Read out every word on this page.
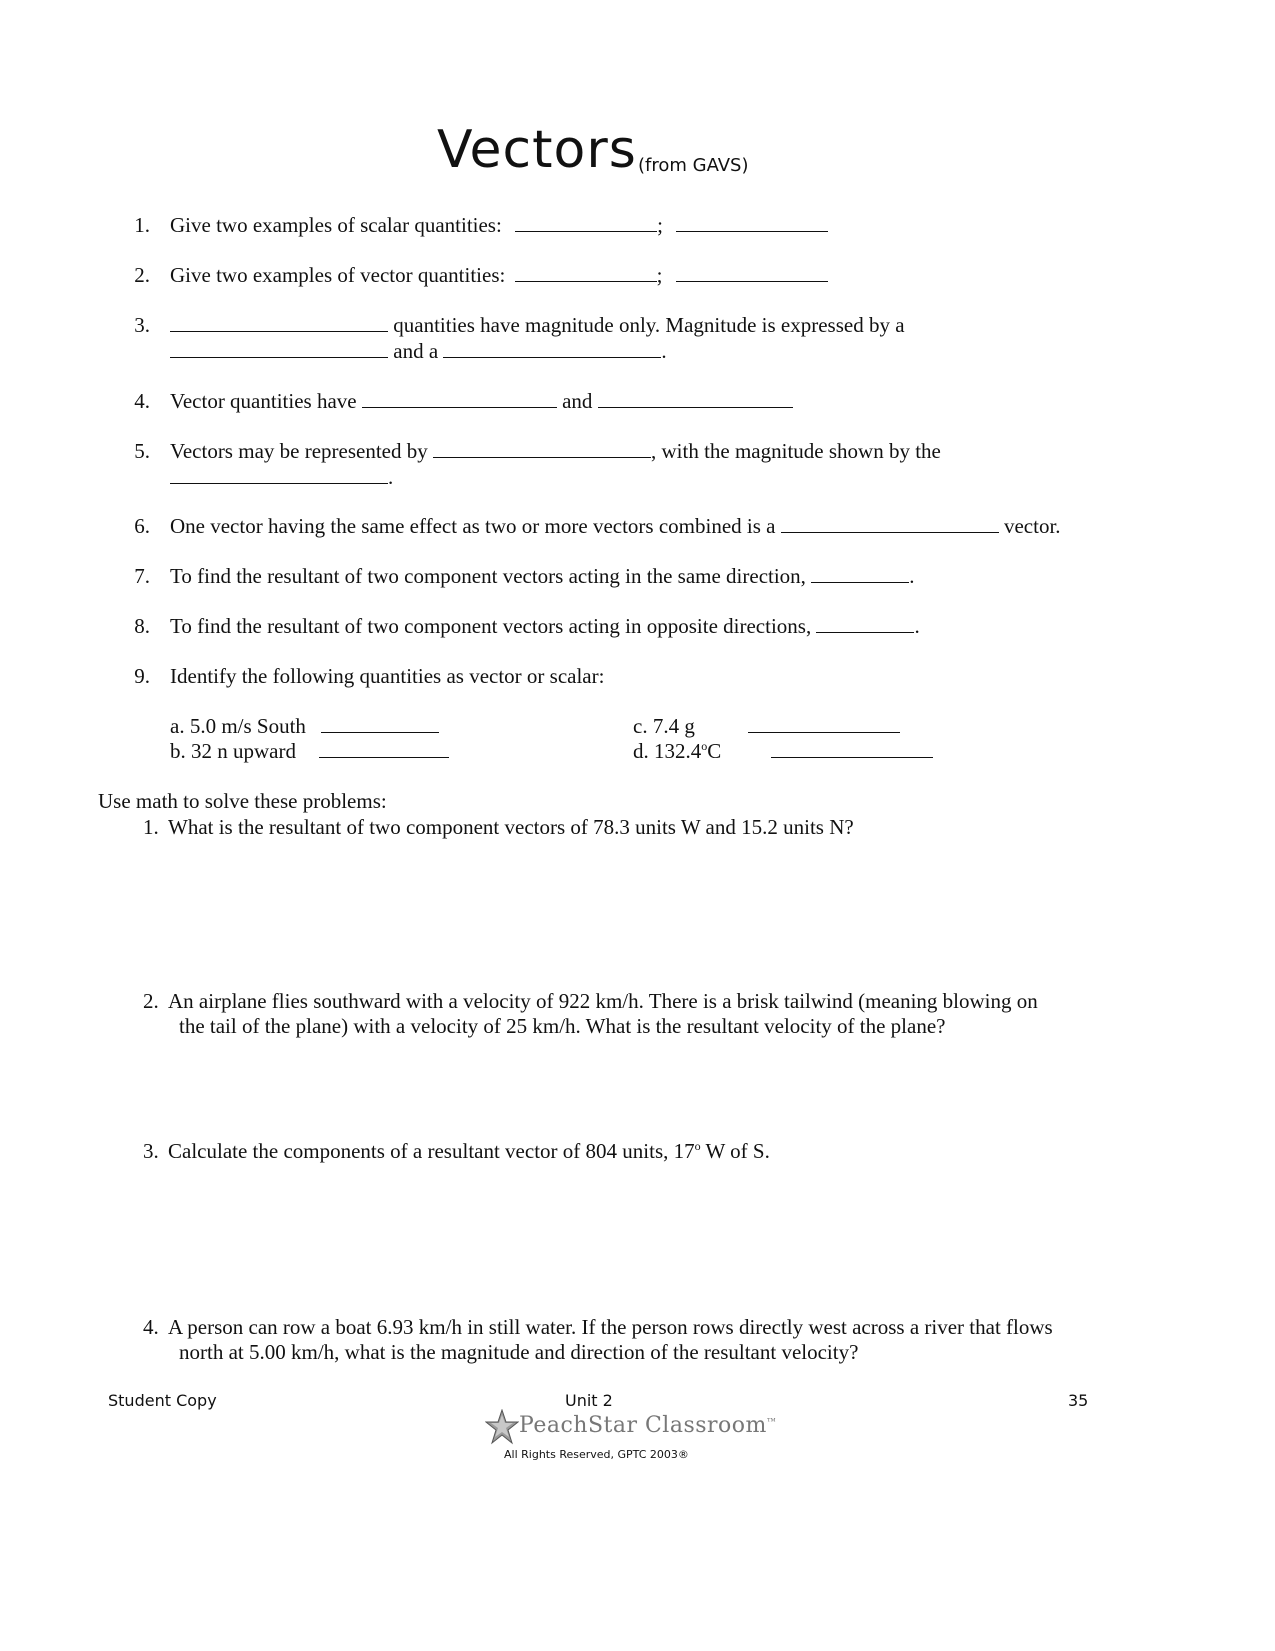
Vectors (from GAVS)
1. Give two examples of scalar quantities:	;
2. Give two examples of vector quantities:	;
3.	quantities have magnitude only. Magnitude is expressed by a
and a	.
4. Vector quantities have	and
5. Vectors may be represented by	, with the magnitude shown by the
.
6. One vector having the same effect as two or more vectors combined is a	vector.
7. To find the resultant of two component vectors acting in the same direction,	.
8. To find the resultant of two component vectors acting in opposite directions,	.
9. Identify the following quantities as vector or scalar:
a. 5.0 m/s South
b. 32 n upward
c. 7.4 g
d. 132.4$^o$C
Use math to solve these problems:
1. What is the resultant of two component vectors of 78.3 units W and 15.2 units N?
2. An airplane flies southward with a velocity of 922 km/h. There is a brisk tailwind (meaning blowing on
the tail of the plane) with a velocity of 25 km/h. What is the resultant velocity of the plane?
3. Calculate the components of a resultant vector of 804 units, 17$^o$ W of S.
4. A person can row a boat 6.93 km/h in still water. If the person rows directly west across a river that flows
north at 5.00 km/h, what is the magnitude and direction of the resultant velocity?
Student Copy	Unit 2	35
PeachStar Classroom™
All Rights Reserved, GPTC 2003®
